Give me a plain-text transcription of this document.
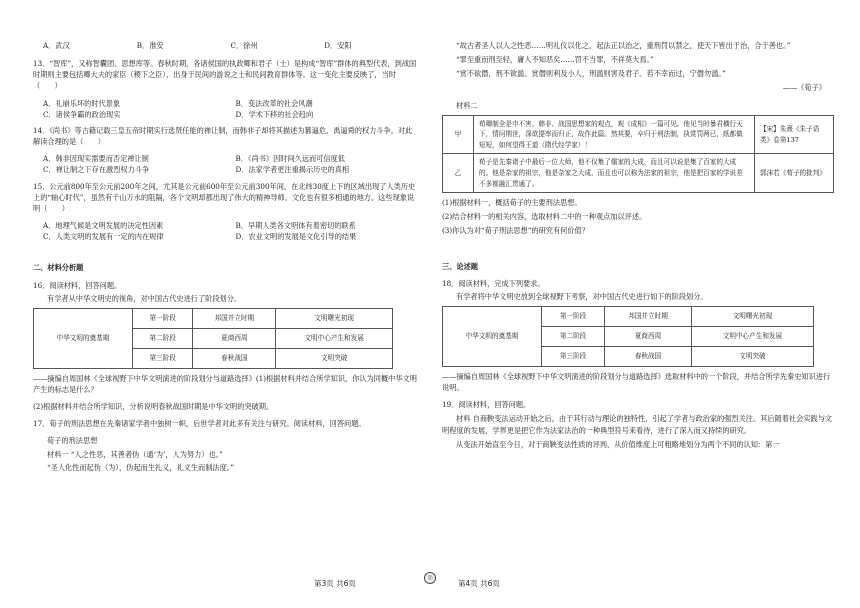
A．武汉	B．淮安	C．徐州	D．安阳

13．“智库”，又称智囊团、思想库等。春秋时期，各诸侯国的执政卿和君子（士）是构成“智库”群体的典型代表，到战国时期则主要包括卿大夫的家臣（稷下之臣）、出身于民间的游说之士和民间教育群体等。这一变化主要反映了，当时（　　）

A．礼崩乐坏的时代景象	B．变法改革的社会风潮
C．诸侯争霸的政治现实	D．学术下移的社会趋向

14．《尚书》等古籍记载三皇五帝时期实行选贤任能的禅让制，而韩非子却将其描述为篡逼危，禹逼舜的权力斗争。对此解读合理的是（　　）

A．韩非因现实需要而否定禅让制	B．《尚书》因时间久远而可信度低
C．禅让制之下存在激烈权力斗争	D．法家学者更注重揭示历史的真相

15．公元前800年至公元前200年之间，尤其是公元前600年至公元前300年间，在北纬30度上下的区域出现了人类历史上的“轴心时代”，虽然有千山万水的阻隔，各个文明却都出现了伟大的精神导师，文化也有很多相通的地方。这些现象说明（　　）

A．地理气候是文明发展的决定性因素	B．早期人类各文明体有着密切的联系
C．人类文明的发展有一定的内在规律	D．农业文明的发展是文化引导的结果
二、材料分析题

16．阅读材料，回答问题。

有学者从中华文明史的视角，对中国古代史进行了阶段划分。

中华文明的奠基期	第一阶段	邦国并立时期	文明曙光初现
	第二阶段	夏商西周	文明中心产生和发展
	第三阶段	春秋战国	文明突破

——摘编自周国林《全球视野下中华文明演进的阶段划分与道路选择》(1)根据材料并结合所学知识，你认为同概中华文明产生的标志是什么？

(2)根据材料并结合所学知识，分析说明春秋战国时期是中华文明的突破期。

17．荀子的刑法思想在先秦诸家学者中独树一帜，后世学者对此多有关注与研究。阅读材料，回答问题。

荀子的刑法思想

材料一 “人之性恶，其善者伪（通‘为’，人为努力）也。”

“圣人化性而起伪（为），伪起而生礼义，礼义生而制法度。”

“故古者圣人以人之性恶……明礼仪以化之，起法正以治之，重刑罚以禁之，使天下皆出于治，合于善也。”

“罪至重而刑至轻，庸人不知恶矣……罚不当罪，不祥莫大焉。”

“赏不欲僭，刑不欲滥。赏僭则利及小人，刑滥则害及君子。若不幸而过，宁僭勿滥。”

——《荀子》

材料二

甲	荀卿制全是申不害、韩非、战国思想家的观点，观《成相》一篇可见。他见当时暴君横行天下，情问荆世，深欲提率而归正，故作此篇。然其要，卒归于刑法制，执赏罚两已，纸都做短短，如何望得王道（隋代经学家）！	【宋】朱熹《朱子语类》卷第137
乙	荀子是先秦诸子中最后一位大师，他不仅集了儒家的大成，而且可以说是集了百家的大成的。他是杂家的祖宗，他是杂家之大成，而且也可以称为法家的祖宗，他是把百家的学说差不多都融汇贯通了。	郭沫若《荀子的批判》

(1)根据材料一，概括荀子的主要刑法思想。

(2)结合材料一的相关内容，选取材料二中的一种观点加以评述。

(3)你认为对“荀子刑法思想”的研究有何价值？

三、论述题

18．阅读材料，完成下列要求。

有学者将中华文明史放到全球视野下考察，对中国古代史进行如下的阶段划分。

中华文明的奠基期	第一阶段	邦国并立时期	文明曙光初现
	第二阶段	夏商西周	文明中心产生和发展
	第三阶段	春秋战国	文明突破

——摘编自周国林《全球视野下中华文明演进的阶段划分与道路选择》选取材料中的一个阶段，并结合所学先秦史知识进行说明。

19．阅读材料，回答问题。

材料 自商鞅变法运动开始之后，由于其行动与理论的独特性，引起了学者与政治家的强烈关注。其后随着社会实践与文明程度的发展，学界更是把它作为法家法治的一种典型符号来看待，进行了深入而又持续的研究。

从变法开始直至今日，对于商鞅变法性质的评判，从价值维度上可粗略地划分为两个不同的认知：第一

第3页 共6页
◎
第4页 共6页
